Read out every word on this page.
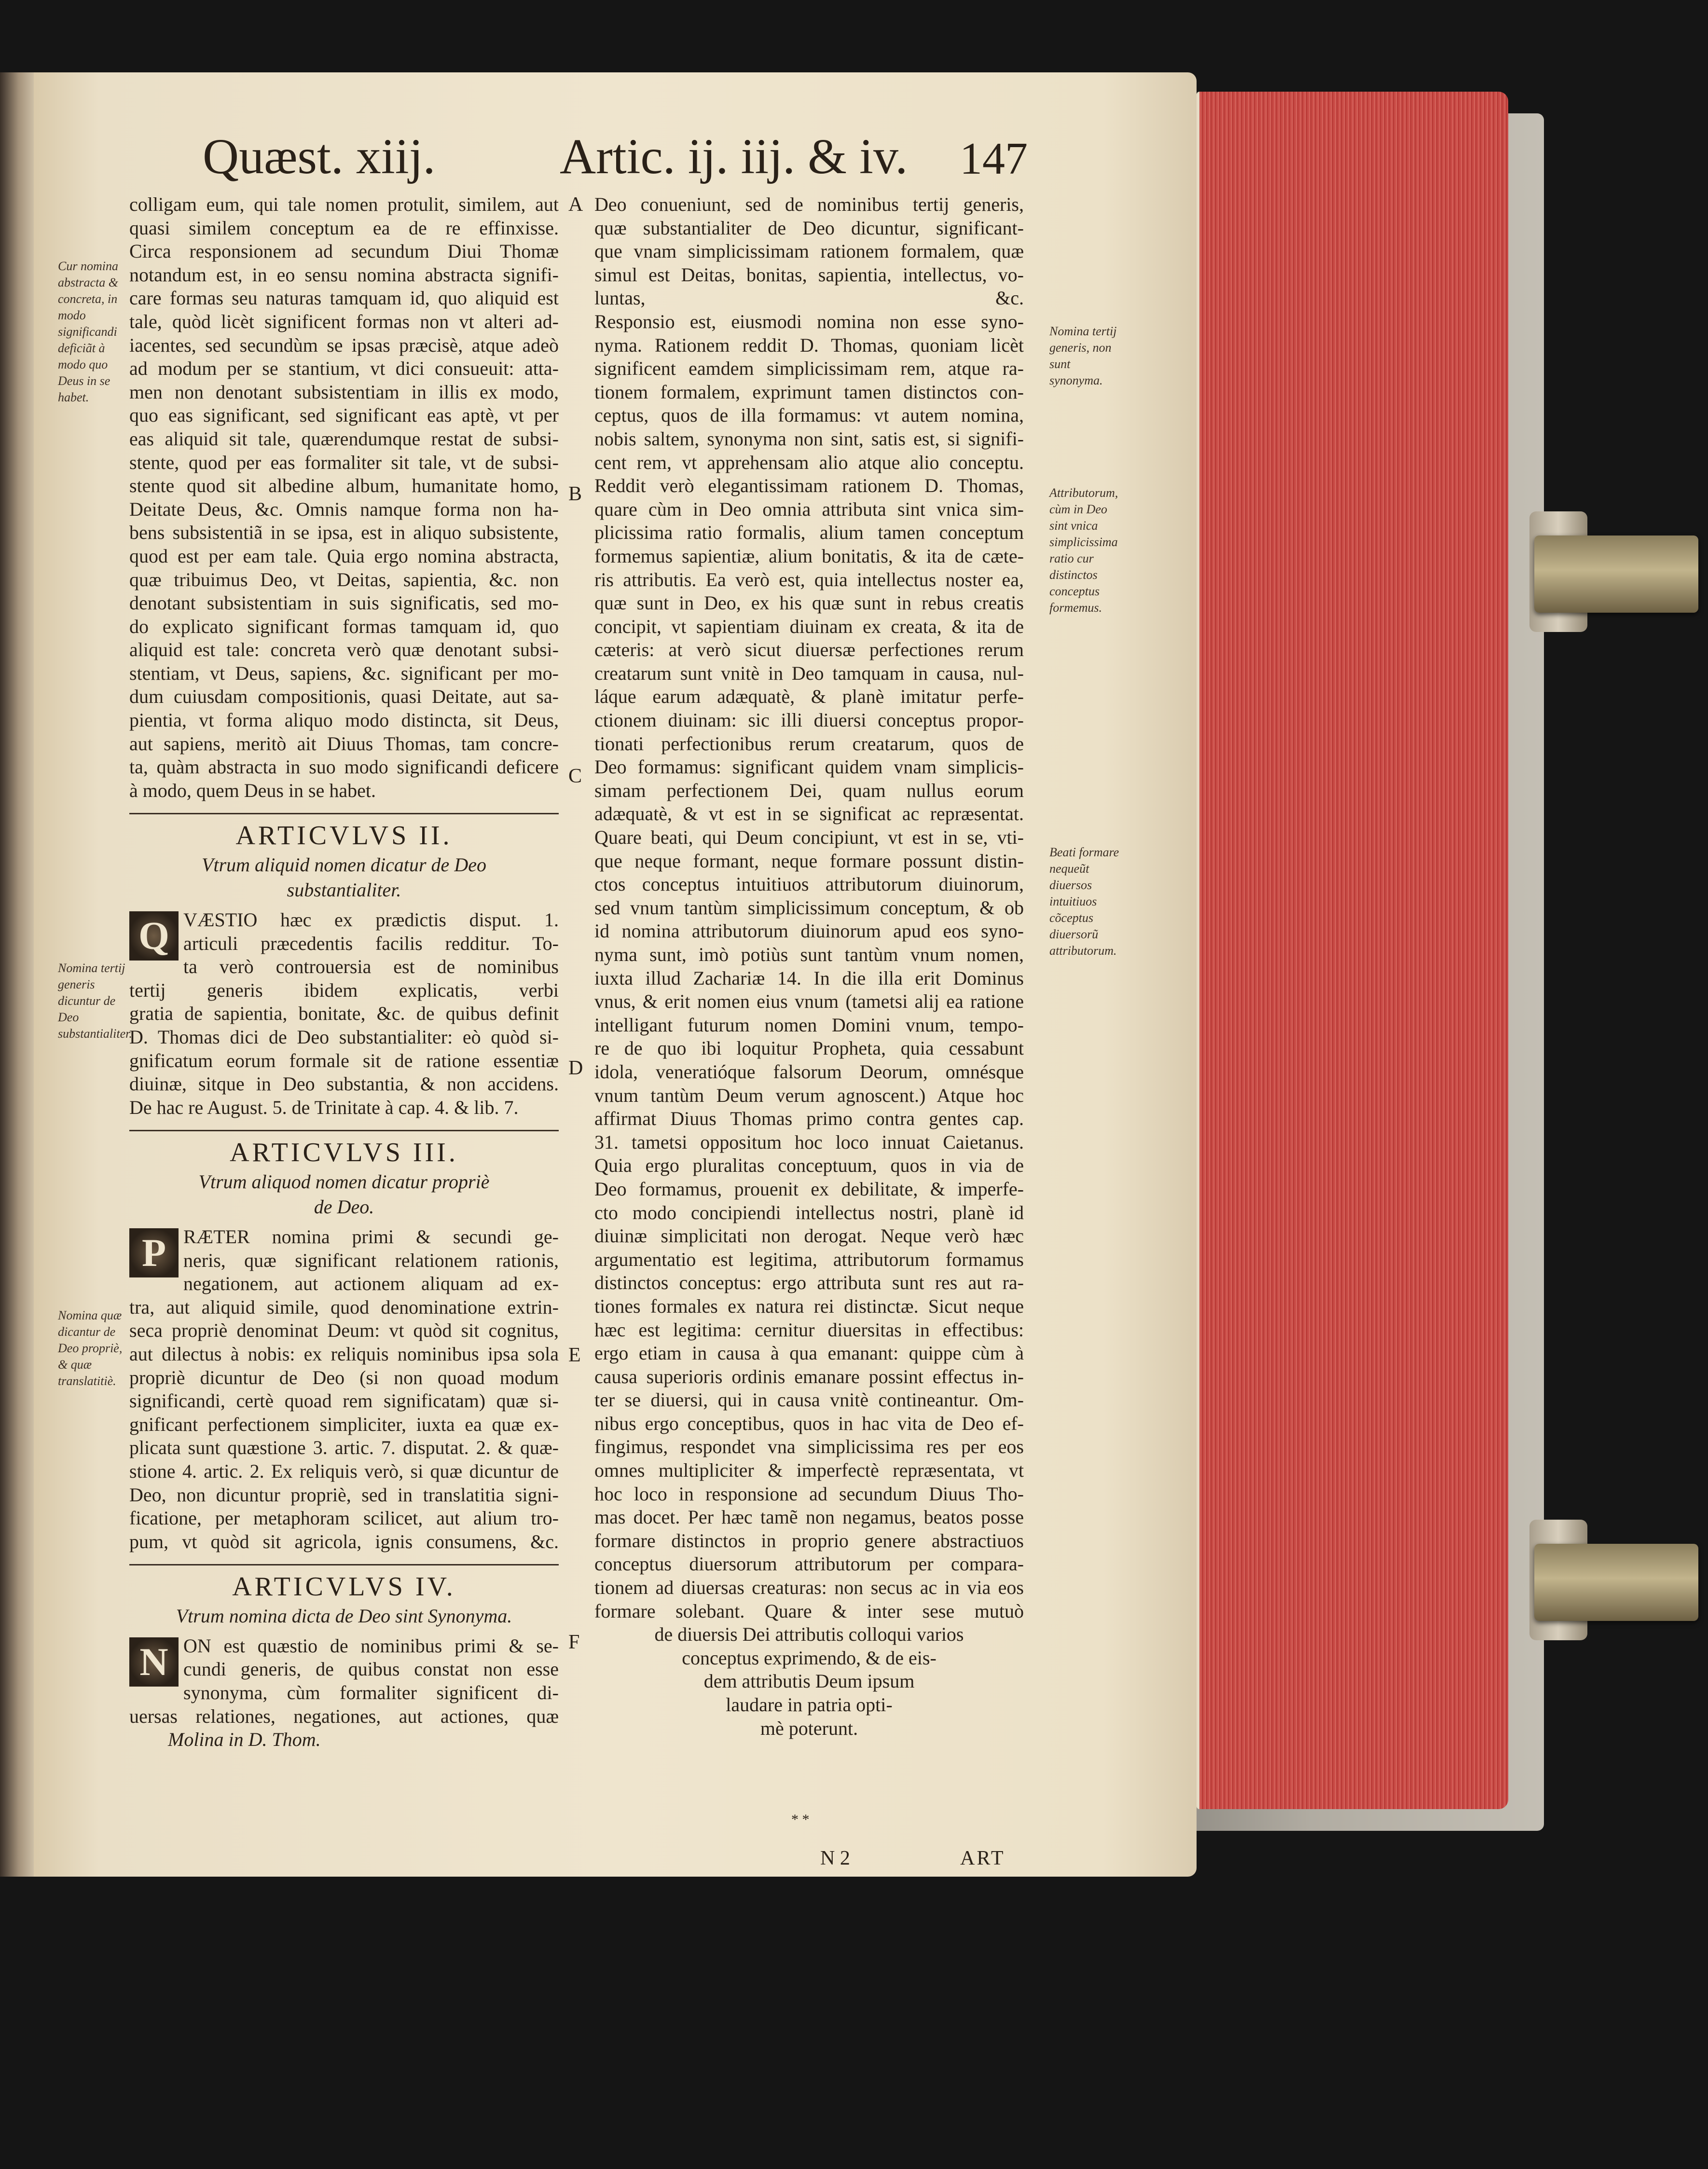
Quæst. xiij. Artic. ij. iij. & iv. 147
colligam eum, qui tale nomen protulit, similem, aut
quasi similem conceptum ea de re effinxisse.
Circa responsionem ad secundum Diui Thomæ
notandum est, in eo sensu nomina abstracta signifi-
care formas seu naturas tamquam id, quo aliquid est
tale, quòd licèt significent formas non vt alteri ad-
iacentes, sed secundùm se ipsas præcisè, atque adeò
ad modum per se stantium, vt dici consueuit: atta-
men non denotant subsistentiam in illis ex modo,
quo eas significant, sed significant eas aptè, vt per
eas aliquid sit tale, quærendumque restat de subsi-
stente, quod per eas formaliter sit tale, vt de subsi-
stente quod sit albedine album, humanitate homo,
Deitate Deus, &c. Omnis namque forma non ha-
bens subsistentiã in se ipsa, est in aliquo subsistente,
quod est per eam tale. Quia ergo nomina abstracta,
quæ tribuimus Deo, vt Deitas, sapientia, &c. non
denotant subsistentiam in suis significatis, sed mo-
do explicato significant formas tamquam id, quo
aliquid est tale: concreta verò quæ denotant subsi-
stentiam, vt Deus, sapiens, &c. significant per mo-
dum cuiusdam compositionis, quasi Deitate, aut sa-
pientia, vt forma aliquo modo distincta, sit Deus,
aut sapiens, meritò ait Diuus Thomas, tam concre-
ta, quàm abstracta in suo modo significandi deficere
à modo, quem Deus in se habet.
ARTICVLVS II.
Vtrum aliquid nomen dicatur de Deo
substantialiter.
Q VÆSTIO hæc ex prædictis disput. 1.
articuli præcedentis facilis redditur. To-
ta verò controuersia est de nominibus
tertij generis ibidem explicatis, verbi
gratia de sapientia, bonitate, &c. de quibus definit
D. Thomas dici de Deo substantialiter: eò quòd si-
gnificatum eorum formale sit de ratione essentiæ
diuinæ, sitque in Deo substantia, & non accidens.
De hac re August. 5. de Trinitate à cap. 4. & lib. 7.
ARTICVLVS III.
Vtrum aliquod nomen dicatur propriè
de Deo.
P RÆTER nomina primi & secundi ge-
neris, quæ significant relationem rationis,
negationem, aut actionem aliquam ad ex-
tra, aut aliquid simile, quod denominatione extrin-
seca propriè denominat Deum: vt quòd sit cognitus,
aut dilectus à nobis: ex reliquis nominibus ipsa sola
propriè dicuntur de Deo (si non quoad modum
significandi, certè quoad rem significatam) quæ si-
gnificant perfectionem simpliciter, iuxta ea quæ ex-
plicata sunt quæstione 3. artic. 7. disputat. 2. & quæ-
stione 4. artic. 2. Ex reliquis verò, si quæ dicuntur de
Deo, non dicuntur propriè, sed in translatitia signi-
ficatione, per metaphoram scilicet, aut alium tro-
pum, vt quòd sit agricola, ignis consumens, &c.
ARTICVLVS IV.
Vtrum nomina dicta de Deo sint Synonyma.
N ON est quæstio de nominibus primi & se-
cundi generis, de quibus constat non esse
synonyma, cùm formaliter significent di-
uersas relationes, negationes, aut actiones, quæ
Molina in D. Thom.
Deo conueniunt, sed de nominibus tertij generis,
quæ substantialiter de Deo dicuntur, significant-
que vnam simplicissimam rationem formalem, quæ
simul est Deitas, bonitas, sapientia, intellectus, vo-
luntas, &c.
Responsio est, eiusmodi nomina non esse syno-
nyma. Rationem reddit D. Thomas, quoniam licèt
significent eamdem simplicissimam rem, atque ra-
tionem formalem, exprimunt tamen distinctos con-
ceptus, quos de illa formamus: vt autem nomina,
nobis saltem, synonyma non sint, satis est, si signifi-
cent rem, vt apprehensam alio atque alio conceptu.
Reddit verò elegantissimam rationem D. Thomas,
quare cùm in Deo omnia attributa sint vnica sim-
plicissima ratio formalis, alium tamen conceptum
formemus sapientiæ, alium bonitatis, & ita de cæte-
ris attributis. Ea verò est, quia intellectus noster ea,
quæ sunt in Deo, ex his quæ sunt in rebus creatis
concipit, vt sapientiam diuinam ex creata, & ita de
cæteris: at verò sicut diuersæ perfectiones rerum
creatarum sunt vnitè in Deo tamquam in causa, nul-
láque earum adæquatè, & planè imitatur perfe-
ctionem diuinam: sic illi diuersi conceptus propor-
tionati perfectionibus rerum creatarum, quos de
Deo formamus: significant quidem vnam simplicis-
simam perfectionem Dei, quam nullus eorum
adæquatè, & vt est in se significat ac repræsentat.
Quare beati, qui Deum concipiunt, vt est in se, vti-
que neque formant, neque formare possunt distin-
ctos conceptus intuitiuos attributorum diuinorum,
sed vnum tantùm simplicissimum conceptum, & ob
id nomina attributorum diuinorum apud eos syno-
nyma sunt, imò potiùs sunt tantùm vnum nomen,
iuxta illud Zachariæ 14. In die illa erit Dominus
vnus, & erit nomen eius vnum (tametsi alij ea ratione
intelligant futurum nomen Domini vnum, tempo-
re de quo ibi loquitur Propheta, quia cessabunt
idola, veneratióque falsorum Deorum, omnésque
vnum tantùm Deum verum agnoscent.) Atque hoc
affirmat Diuus Thomas primo contra gentes cap.
31. tametsi oppositum hoc loco innuat Caietanus.
Quia ergo pluralitas conceptuum, quos in via de
Deo formamus, prouenit ex debilitate, & imperfe-
cto modo concipiendi intellectus nostri, planè id
diuinæ simplicitati non derogat. Neque verò hæc
argumentatio est legitima, attributorum formamus
distinctos conceptus: ergo attributa sunt res aut ra-
tiones formales ex natura rei distinctæ. Sicut neque
hæc est legitima: cernitur diuersitas in effectibus:
ergo etiam in causa à qua emanant: quippe cùm à
causa superioris ordinis emanare possint effectus in-
ter se diuersi, qui in causa vnitè contineantur. Om-
nibus ergo conceptibus, quos in hac vita de Deo ef-
fingimus, respondet vna simplicissima res per eos
omnes multipliciter & imperfectè repræsentata, vt
hoc loco in responsione ad secundum Diuus Tho-
mas docet. Per hæc tamẽ non negamus, beatos posse
formare distinctos in proprio genere abstractiuos
conceptus diuersorum attributorum per compara-
tionem ad diuersas creaturas: non secus ac in via eos
formare solebant. Quare & inter sese mutuò
de diuersis Dei attributis colloqui varios
conceptus exprimendo, & de eis-
dem attributis Deum ipsum
laudare in patria opti-
mè poterunt.
* *
A
B
C
D
E
F
Cur nomina abstracta & concreta, in modo significandi deficiãt à modo quo Deus in se habet.
Nomina tertij generis dicuntur de Deo substantialiter.
Nomina quæ dicantur de Deo propriè, & quæ translatitiè.
Nomina tertij generis, non sunt synonyma.
Attributorum, cùm in Deo sint vnica simplicissima ratio cur distinctos conceptus formemus.
Beati formare nequeũt diuersos intuitiuos cõceptus diuersorũ attributorum.
N 2	ART
